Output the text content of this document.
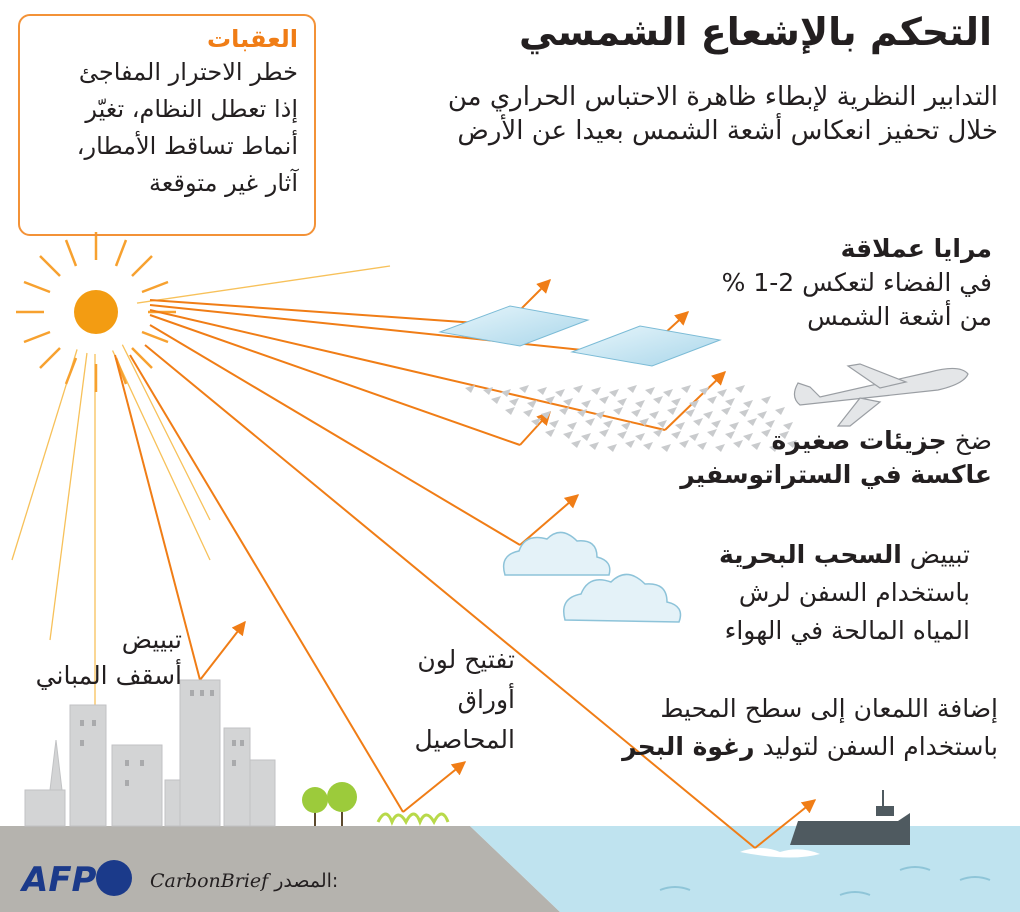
التحكم بالإشعاع الشمسي
التدابير النظرية لإبطاء ظاهرة الاحتباس الحراري من خلال تحفيز انعكاس أشعة الشمس بعيدا عن الأرض
العقبات
خطر الاحترار المفاجئ
إذا تعطل النظام، تغيّر
أنماط تساقط الأمطار،
آثار غير متوقعة
مرايا عملاقة
في الفضاء لتعكس 2-1 %
من أشعة الشمس
ضخ جزيئات صغيرة
عاكسة في الستراتوسفير
تبييض السحب البحرية
باستخدام السفن لرش
المياه المالحة في الهواء
إضافة اللمعان إلى سطح المحيط
باستخدام السفن لتوليد رغوة البحر
تبييض
أسقف المباني
تفتيح لون
أوراق
المحاصيل
AFP	CarbonBrief المصدر:
